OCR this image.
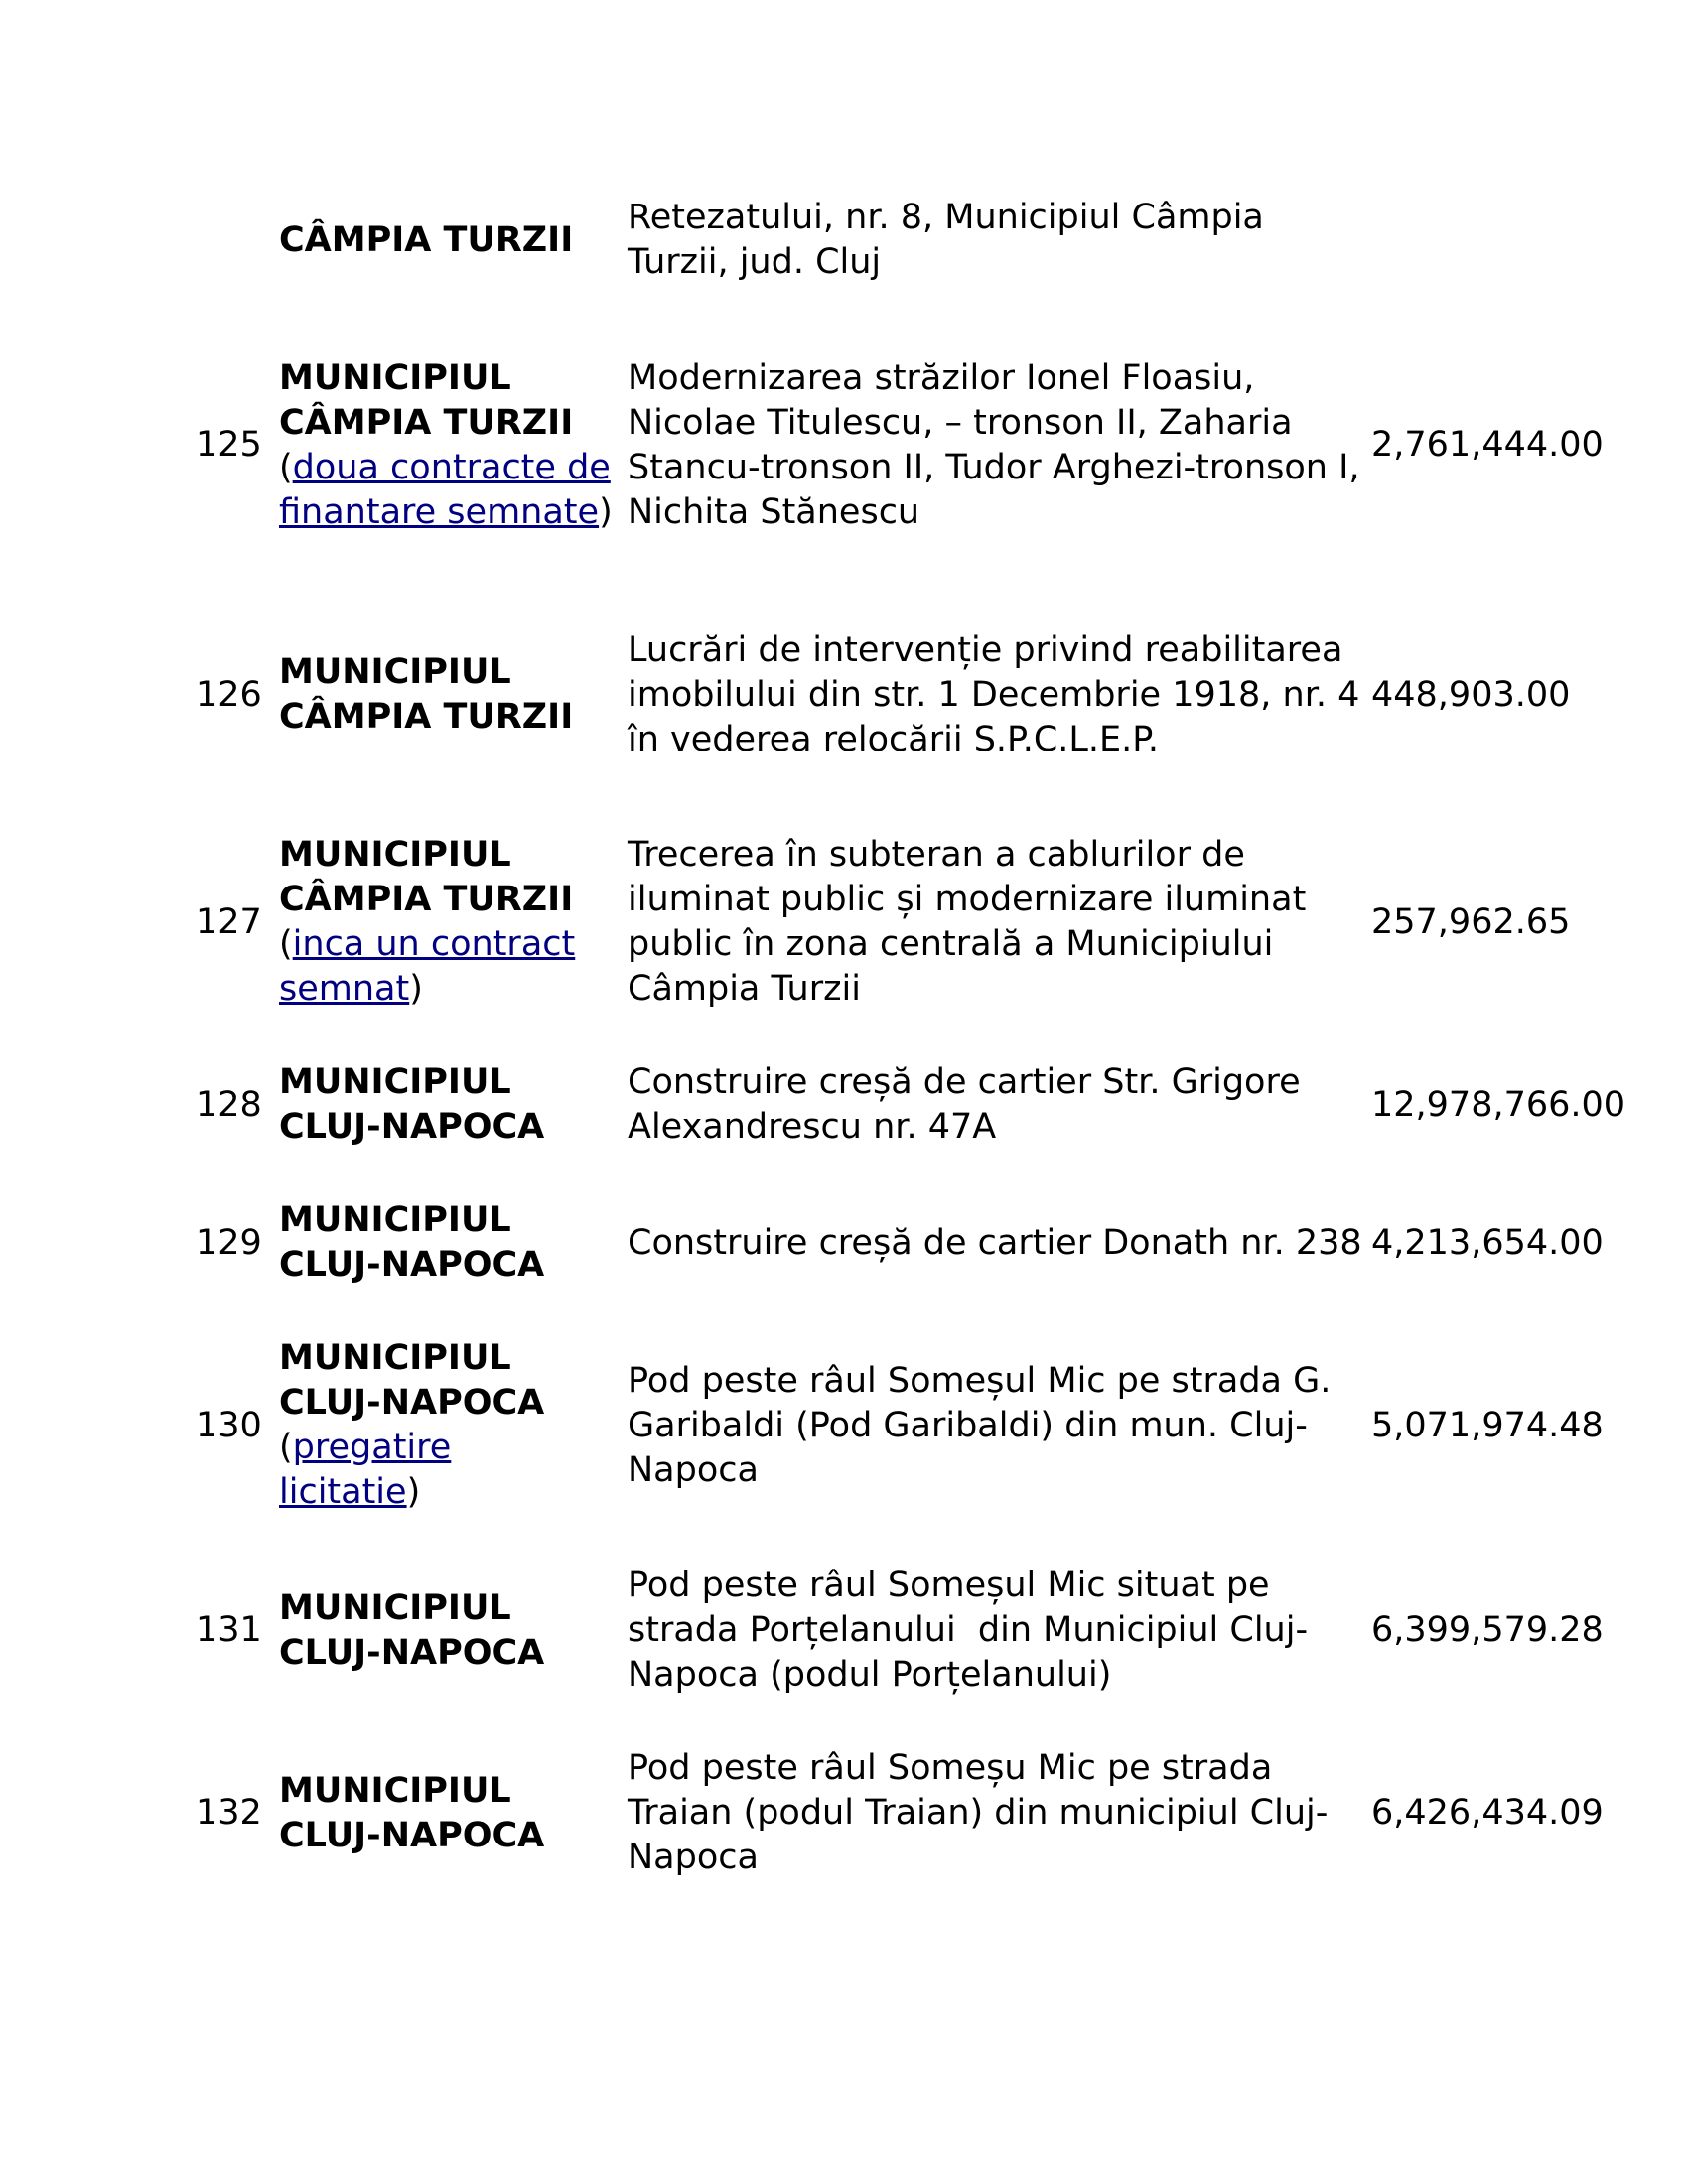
CÂMPIA TURZII
Retezatului, nr. 8, Municipiul Câmpia Turzii, jud. Cluj
125
MUNICIPIUL CÂMPIA TURZII (doua contracte de finantare semnate)
Modernizarea străzilor Ionel Floasiu, Nicolae Titulescu, – tronson II, Zaharia Stancu-tronson II, Tudor Arghezi-tronson I, Nichita Stănescu
2,761,444.00
126
MUNICIPIUL CÂMPIA TURZII
Lucrări de intervenție privind reabilitarea imobilului din str. 1 Decembrie 1918, nr. 4 în vederea relocării S.P.C.L.E.P.
448,903.00
127
MUNICIPIUL CÂMPIA TURZII (inca un contract semnat)
Trecerea în subteran a cablurilor de iluminat public și modernizare iluminat public în zona centrală a Municipiului Câmpia Turzii
257,962.65
128
MUNICIPIUL CLUJ-NAPOCA
Construire creșă de cartier Str. Grigore Alexandrescu nr. 47A
12,978,766.00
129
MUNICIPIUL CLUJ-NAPOCA
Construire creșă de cartier Donath nr. 238 4,213,654.00
130
MUNICIPIUL CLUJ-NAPOCA (pregatire licitatie)
Pod peste râul Someșul Mic pe strada G. Garibaldi (Pod Garibaldi) din mun. Cluj-Napoca
5,071,974.48
131
MUNICIPIUL CLUJ-NAPOCA
Pod peste râul Someșul Mic situat pe strada Porțelanului  din Municipiul Cluj-Napoca (podul Porțelanului)
6,399,579.28
132
MUNICIPIUL CLUJ-NAPOCA
Pod peste râul Someșu Mic pe strada Traian (podul Traian) din municipiul Cluj-Napoca
6,426,434.09
